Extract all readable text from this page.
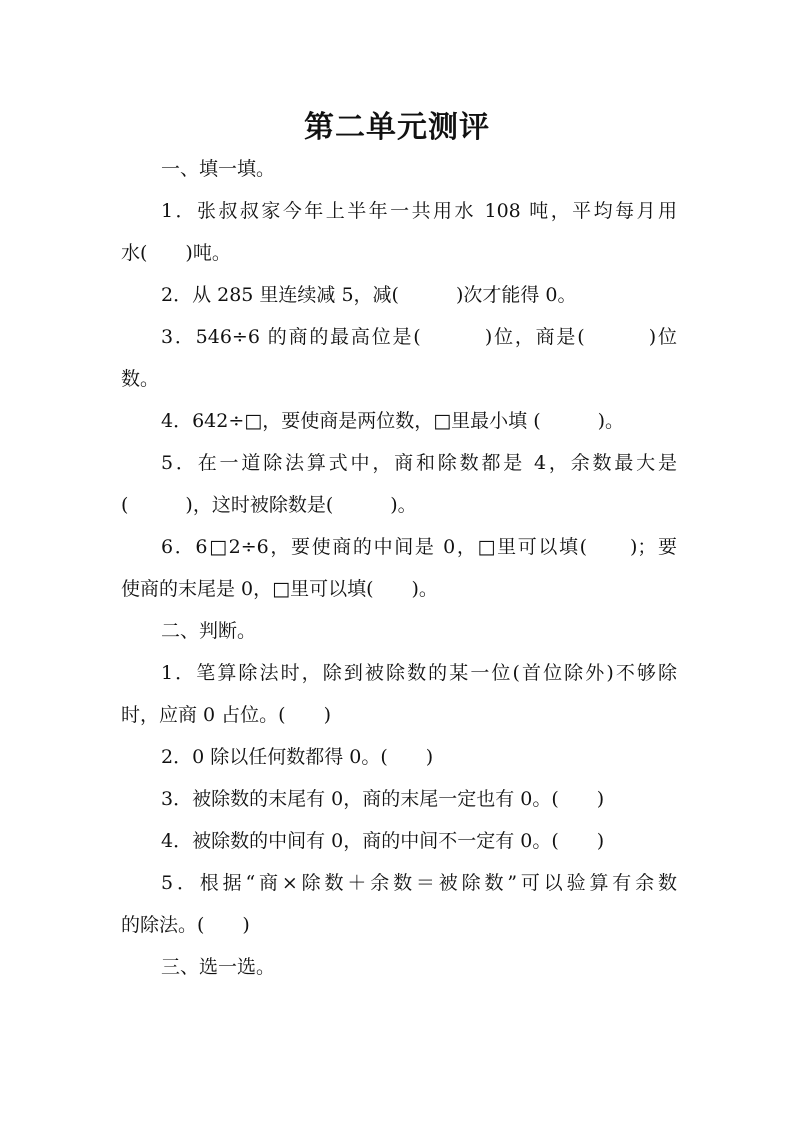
第二单元测评
一、填一填。
1．张叔叔家今年上半年一共用水 108 吨，平均每月用
水(　　)吨。
2．从 285 里连续减 5，减(　　　)次才能得 0。
3．546÷6 的商的最高位是(　　　)位，商是(　　　)位
数。
4．642÷□，要使商是两位数，□里最小填 (　　　)。
5．在一道除法算式中，商和除数都是 4，余数最大是
(　　　)，这时被除数是(　　　)。
6．6□2÷6，要使商的中间是 0，□里可以填(　　)；要
使商的末尾是 0，□里可以填(　　)。
二、判断。
1．笔算除法时，除到被除数的某一位(首位除外)不够除
时，应商 0 占位。(　　)
2．0 除以任何数都得 0。(　　)
3．被除数的末尾有 0，商的末尾一定也有 0。(　　)
4．被除数的中间有 0，商的中间不一定有 0。(　　)
5．根据“商×除数＋余数＝被除数”可以验算有余数
的除法。(　　)
三、选一选。
